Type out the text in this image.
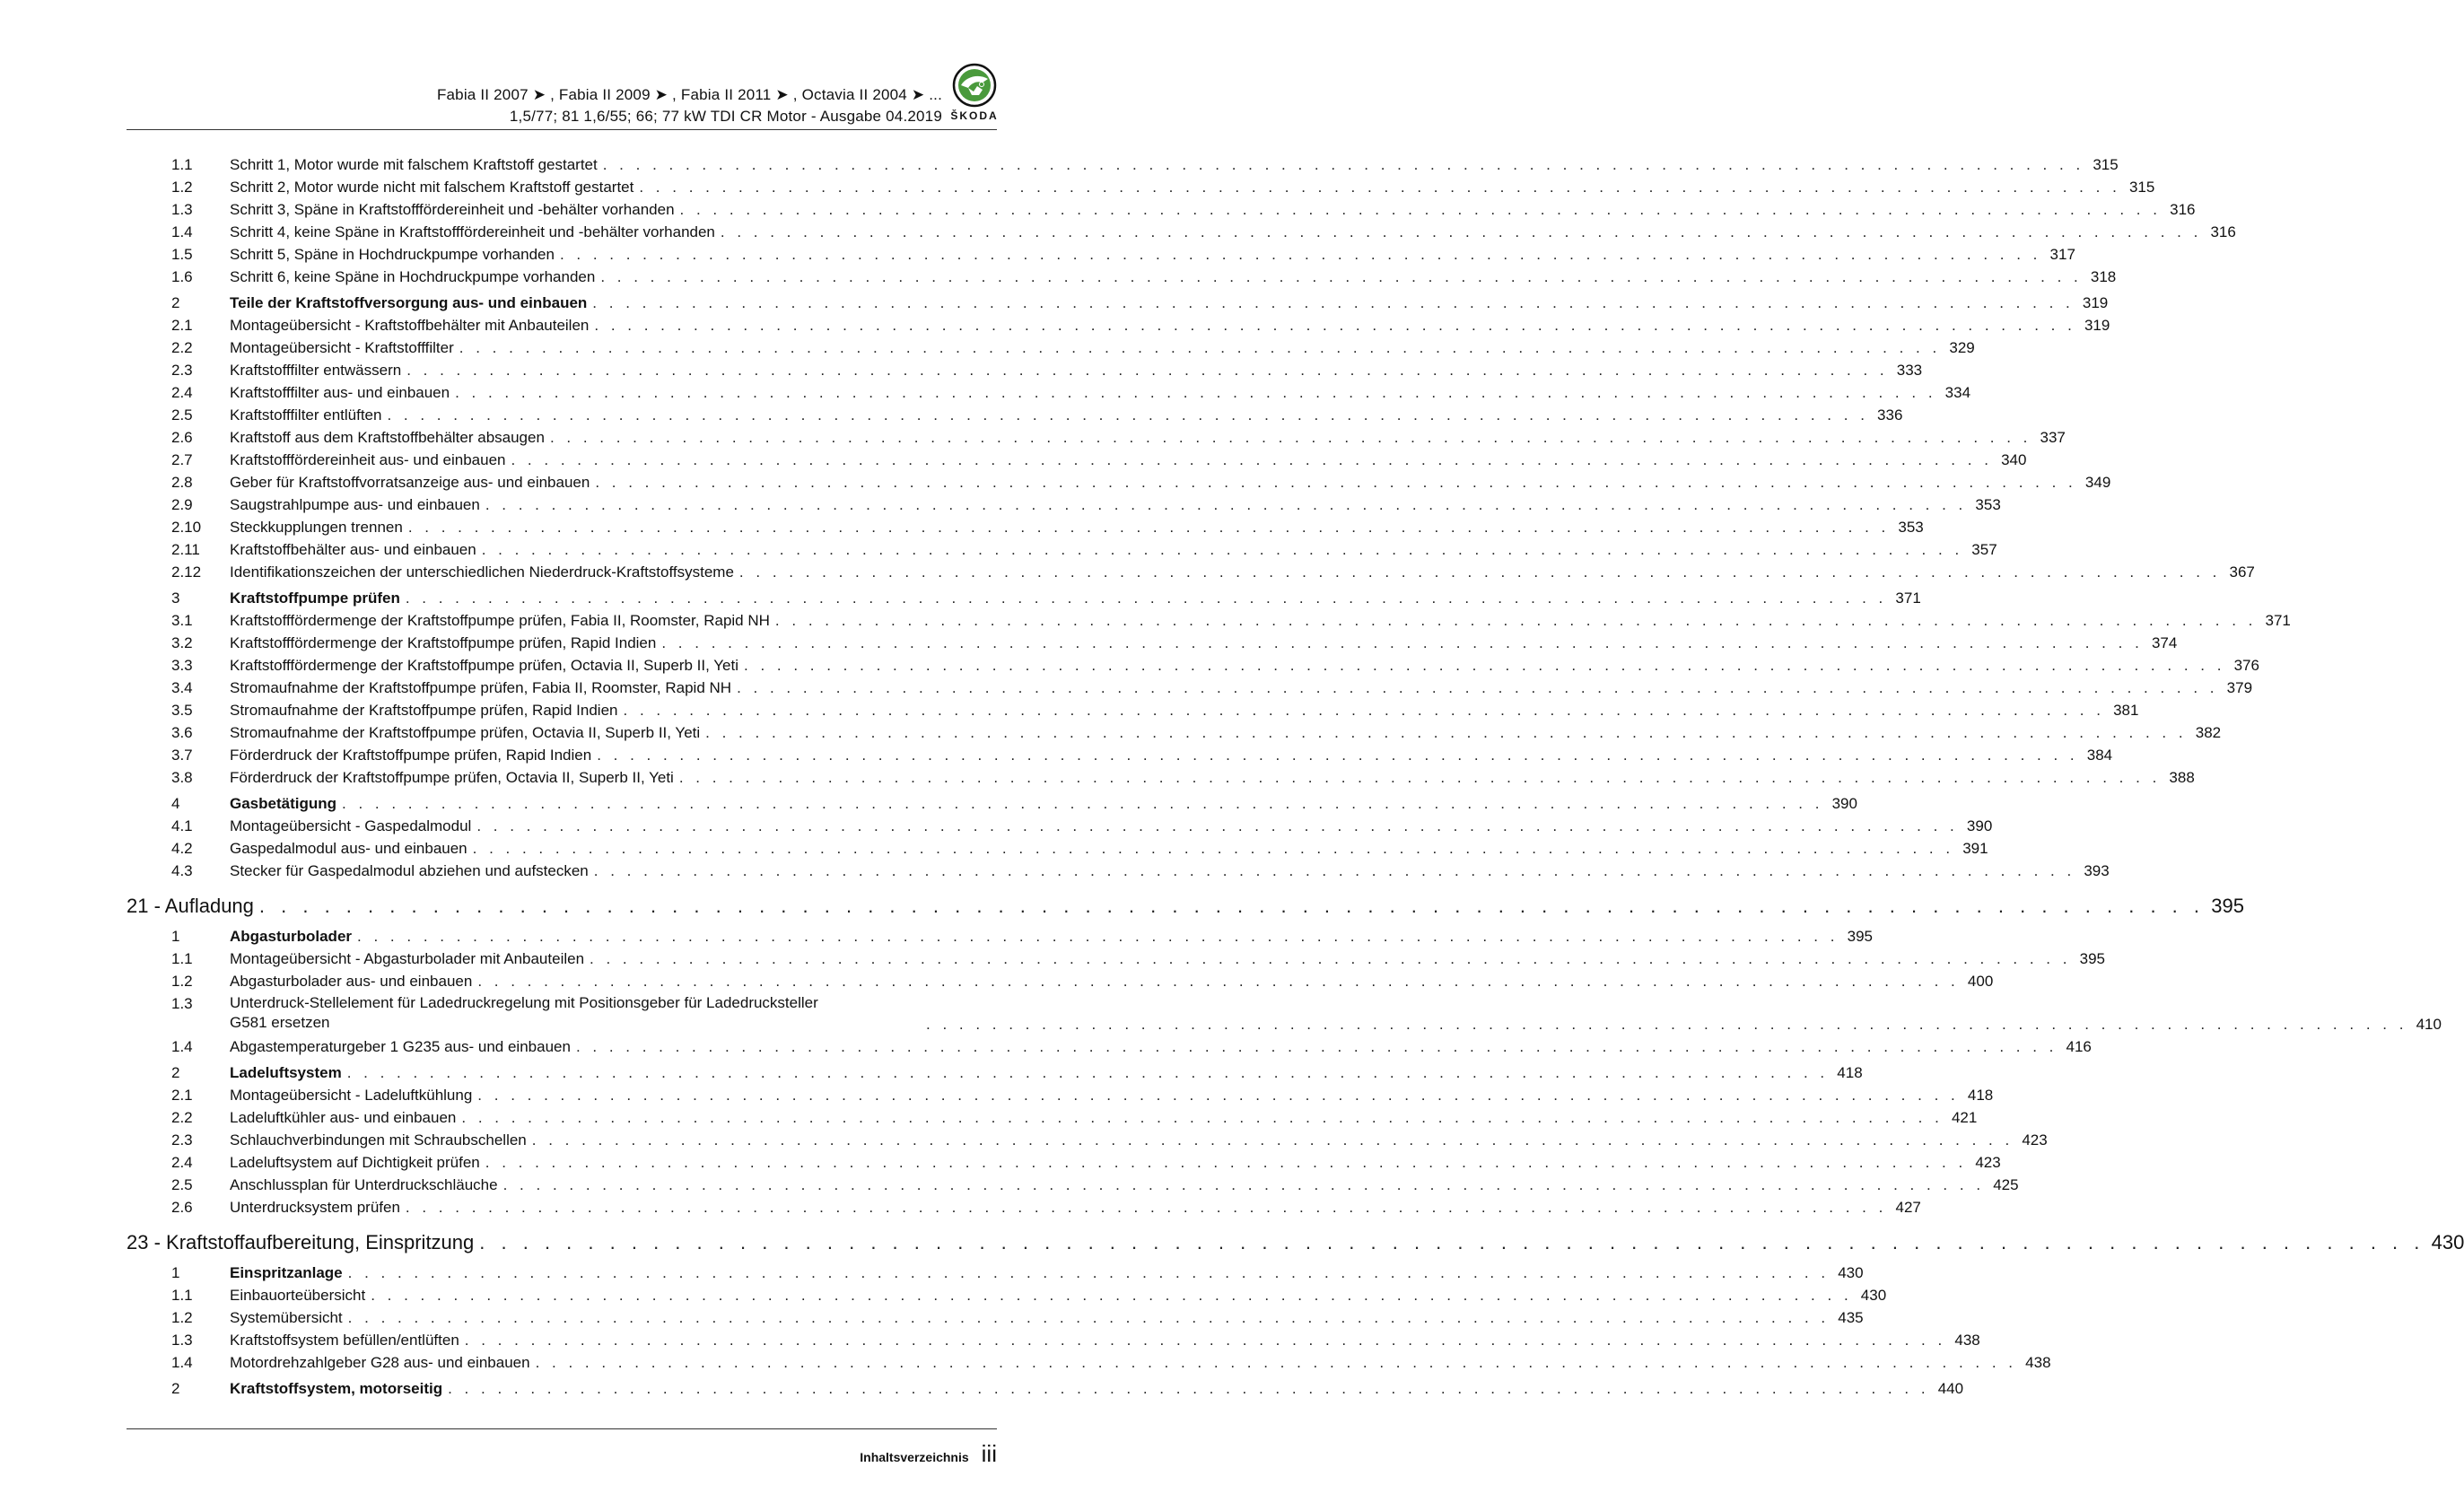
Fabia II 2007 ➤ , Fabia II 2009 ➤ , Fabia II 2011 ➤ , Octavia II 2004 ➤ ...
1,5/77; 81 1,6/55; 66; 77 kW TDI CR Motor - Ausgabe 04.2019 ŠKODA
1.1	Schritt 1, Motor wurde mit falschem Kraftstoff gestartet . . . . . . . . . . . . . . . . . . . . . . . . . . . . . . . . . . . . . . . . . . . . . . . . . . . . . . . . . . . . . . . . . . . . . . . . . . . . . . . . . . . . . . . . . . 315
1.2	Schritt 2, Motor wurde nicht mit falschem Kraftstoff gestartet . . . . . . . . . . . . . . . . . . . . . . . . . . . . . . . . . . . . . . . . . . . . . . . . . . . . . . . . . . . . . . . . . . . . . . . . . . . . . . . . . . . . . . . . . . 315
1.3	Schritt 3, Späne in Kraftstofffördereinheit und -behälter vorhanden . . . . . . . . . . . . . . . . . . . . . . . . . . . . . . . . . . . . . . . . . . . . . . . . . . . . . . . . . . . . . . . . . . . . . . . . . . . . . . . . . . . . . . . . . . 316
1.4	Schritt 4, keine Späne in Kraftstofffördereinheit und -behälter vorhanden . . . . . . . . . . . . . . . . . . . . . . . . . . . . . . . . . . . . . . . . . . . . . . . . . . . . . . . . . . . . . . . . . . . . . . . . . . . . . . . . . . . . . . . . . . 316
1.5	Schritt 5, Späne in Hochdruckpumpe vorhanden . . . . . . . . . . . . . . . . . . . . . . . . . . . . . . . . . . . . . . . . . . . . . . . . . . . . . . . . . . . . . . . . . . . . . . . . . . . . . . . . . . . . . . . . . . 317
1.6	Schritt 6, keine Späne in Hochdruckpumpe vorhanden . . . . . . . . . . . . . . . . . . . . . . . . . . . . . . . . . . . . . . . . . . . . . . . . . . . . . . . . . . . . . . . . . . . . . . . . . . . . . . . . . . . . . . . . . . 318
2	Teile der Kraftstoffversorgung aus- und einbauen . . . . . . . . . . . . . . . . . . . . . . . . . . . . . . . . . . . . . . . . . . . . . . . . . . . . . . . . . . . . . . . . . . . . . . . . . . . . . . . . . . . . . . . . . . 319
2.1	Montageübersicht - Kraftstoffbehälter mit Anbauteilen . . . . . . . . . . . . . . . . . . . . . . . . . . . . . . . . . . . . . . . . . . . . . . . . . . . . . . . . . . . . . . . . . . . . . . . . . . . . . . . . . . . . . . . . . . 319
2.2	Montageübersicht - Kraftstofffilter . . . . . . . . . . . . . . . . . . . . . . . . . . . . . . . . . . . . . . . . . . . . . . . . . . . . . . . . . . . . . . . . . . . . . . . . . . . . . . . . . . . . . . . . . . 329
2.3	Kraftstofffilter entwässern . . . . . . . . . . . . . . . . . . . . . . . . . . . . . . . . . . . . . . . . . . . . . . . . . . . . . . . . . . . . . . . . . . . . . . . . . . . . . . . . . . . . . . . . . . 333
2.4	Kraftstofffilter aus- und einbauen . . . . . . . . . . . . . . . . . . . . . . . . . . . . . . . . . . . . . . . . . . . . . . . . . . . . . . . . . . . . . . . . . . . . . . . . . . . . . . . . . . . . . . . . . . 334
2.5	Kraftstofffilter entlüften . . . . . . . . . . . . . . . . . . . . . . . . . . . . . . . . . . . . . . . . . . . . . . . . . . . . . . . . . . . . . . . . . . . . . . . . . . . . . . . . . . . . . . . . . . 336
2.6	Kraftstoff aus dem Kraftstoffbehälter absaugen . . . . . . . . . . . . . . . . . . . . . . . . . . . . . . . . . . . . . . . . . . . . . . . . . . . . . . . . . . . . . . . . . . . . . . . . . . . . . . . . . . . . . . . . . . 337
2.7	Kraftstofffördereinheit aus- und einbauen . . . . . . . . . . . . . . . . . . . . . . . . . . . . . . . . . . . . . . . . . . . . . . . . . . . . . . . . . . . . . . . . . . . . . . . . . . . . . . . . . . . . . . . . . . 340
2.8	Geber für Kraftstoffvorratsanzeige aus- und einbauen . . . . . . . . . . . . . . . . . . . . . . . . . . . . . . . . . . . . . . . . . . . . . . . . . . . . . . . . . . . . . . . . . . . . . . . . . . . . . . . . . . . . . . . . . . 349
2.9	Saugstrahlpumpe aus- und einbauen . . . . . . . . . . . . . . . . . . . . . . . . . . . . . . . . . . . . . . . . . . . . . . . . . . . . . . . . . . . . . . . . . . . . . . . . . . . . . . . . . . . . . . . . . . 353
2.10	Steckkupplungen trennen . . . . . . . . . . . . . . . . . . . . . . . . . . . . . . . . . . . . . . . . . . . . . . . . . . . . . . . . . . . . . . . . . . . . . . . . . . . . . . . . . . . . . . . . . . 353
2.11	Kraftstoffbehälter aus- und einbauen . . . . . . . . . . . . . . . . . . . . . . . . . . . . . . . . . . . . . . . . . . . . . . . . . . . . . . . . . . . . . . . . . . . . . . . . . . . . . . . . . . . . . . . . . . 357
2.12	Identifikationszeichen der unterschiedlichen Niederdruck-Kraftstoffsysteme . . . . . . . . . . . . . . . . . . . . . . . . . . . . . . . . . . . . . . . . . . . . . . . . . . . . . . . . . . . . . . . . . . . . . . . . . . . . . . . . . . . . . . . . . . 367
3	Kraftstoffpumpe prüfen . . . . . . . . . . . . . . . . . . . . . . . . . . . . . . . . . . . . . . . . . . . . . . . . . . . . . . . . . . . . . . . . . . . . . . . . . . . . . . . . . . . . . . . . . . 371
3.1	Kraftstofffördermenge der Kraftstoffpumpe prüfen, Fabia II, Roomster, Rapid NH . . . . . . . . . . . . . . . . . . . . . . . . . . . . . . . . . . . . . . . . . . . . . . . . . . . . . . . . . . . . . . . . . . . . . . . . . . . . . . . . . . . . . . . . . . 371
3.2	Kraftstofffördermenge der Kraftstoffpumpe prüfen, Rapid Indien . . . . . . . . . . . . . . . . . . . . . . . . . . . . . . . . . . . . . . . . . . . . . . . . . . . . . . . . . . . . . . . . . . . . . . . . . . . . . . . . . . . . . . . . . . 374
3.3	Kraftstofffördermenge der Kraftstoffpumpe prüfen, Octavia II, Superb II, Yeti . . . . . . . . . . . . . . . . . . . . . . . . . . . . . . . . . . . . . . . . . . . . . . . . . . . . . . . . . . . . . . . . . . . . . . . . . . . . . . . . . . . . . . . . . . 376
3.4	Stromaufnahme der Kraftstoffpumpe prüfen, Fabia II, Roomster, Rapid NH . . . . . . . . . . . . . . . . . . . . . . . . . . . . . . . . . . . . . . . . . . . . . . . . . . . . . . . . . . . . . . . . . . . . . . . . . . . . . . . . . . . . . . . . . . 379
3.5	Stromaufnahme der Kraftstoffpumpe prüfen, Rapid Indien . . . . . . . . . . . . . . . . . . . . . . . . . . . . . . . . . . . . . . . . . . . . . . . . . . . . . . . . . . . . . . . . . . . . . . . . . . . . . . . . . . . . . . . . . . 381
3.6	Stromaufnahme der Kraftstoffpumpe prüfen, Octavia II, Superb II, Yeti . . . . . . . . . . . . . . . . . . . . . . . . . . . . . . . . . . . . . . . . . . . . . . . . . . . . . . . . . . . . . . . . . . . . . . . . . . . . . . . . . . . . . . . . . . 382
3.7	Förderdruck der Kraftstoffpumpe prüfen, Rapid Indien . . . . . . . . . . . . . . . . . . . . . . . . . . . . . . . . . . . . . . . . . . . . . . . . . . . . . . . . . . . . . . . . . . . . . . . . . . . . . . . . . . . . . . . . . . 384
3.8	Förderdruck der Kraftstoffpumpe prüfen, Octavia II, Superb II, Yeti . . . . . . . . . . . . . . . . . . . . . . . . . . . . . . . . . . . . . . . . . . . . . . . . . . . . . . . . . . . . . . . . . . . . . . . . . . . . . . . . . . . . . . . . . . 388
4	Gasbetätigung . . . . . . . . . . . . . . . . . . . . . . . . . . . . . . . . . . . . . . . . . . . . . . . . . . . . . . . . . . . . . . . . . . . . . . . . . . . . . . . . . . . . . . . . . . 390
4.1	Montageübersicht - Gaspedalmodul . . . . . . . . . . . . . . . . . . . . . . . . . . . . . . . . . . . . . . . . . . . . . . . . . . . . . . . . . . . . . . . . . . . . . . . . . . . . . . . . . . . . . . . . . . 390
4.2	Gaspedalmodul aus- und einbauen . . . . . . . . . . . . . . . . . . . . . . . . . . . . . . . . . . . . . . . . . . . . . . . . . . . . . . . . . . . . . . . . . . . . . . . . . . . . . . . . . . . . . . . . . . 391
4.3	Stecker für Gaspedalmodul abziehen und aufstecken . . . . . . . . . . . . . . . . . . . . . . . . . . . . . . . . . . . . . . . . . . . . . . . . . . . . . . . . . . . . . . . . . . . . . . . . . . . . . . . . . . . . . . . . . . 393
21 - Aufladung . . . . . . . . . . . . . . . . . . . . . . . . . . . . . . . . . . . . . . . . . . . . . . . . . . . . . . . . . . . . . . . . . . . . . . . . . . . . . . . . . . . . . . . . . . 395
1	Abgasturbolader . . . . . . . . . . . . . . . . . . . . . . . . . . . . . . . . . . . . . . . . . . . . . . . . . . . . . . . . . . . . . . . . . . . . . . . . . . . . . . . . . . . . . . . . . . 395
1.1	Montageübersicht - Abgasturbolader mit Anbauteilen . . . . . . . . . . . . . . . . . . . . . . . . . . . . . . . . . . . . . . . . . . . . . . . . . . . . . . . . . . . . . . . . . . . . . . . . . . . . . . . . . . . . . . . . . . 395
1.2	Abgasturbolader aus- und einbauen . . . . . . . . . . . . . . . . . . . . . . . . . . . . . . . . . . . . . . . . . . . . . . . . . . . . . . . . . . . . . . . . . . . . . . . . . . . . . . . . . . . . . . . . . . 400
1.3	Unterdruck-Stellelement für Ladedruckregelung mit Positionsgeber für Ladedrucksteller
G581 ersetzen	. . . . . . . . . . . . . . . . . . . . . . . . . . . . . . . . . . . . . . . . . . . . . . . . . . . . . . . . . . . . . . . . . . . . . . . . . . . . . . . . . . . . . . . . . . 410
1.4	Abgastemperaturgeber 1 G235 aus- und einbauen . . . . . . . . . . . . . . . . . . . . . . . . . . . . . . . . . . . . . . . . . . . . . . . . . . . . . . . . . . . . . . . . . . . . . . . . . . . . . . . . . . . . . . . . . . 416
2	Ladeluftsystem . . . . . . . . . . . . . . . . . . . . . . . . . . . . . . . . . . . . . . . . . . . . . . . . . . . . . . . . . . . . . . . . . . . . . . . . . . . . . . . . . . . . . . . . . . 418
2.1	Montageübersicht - Ladeluftkühlung . . . . . . . . . . . . . . . . . . . . . . . . . . . . . . . . . . . . . . . . . . . . . . . . . . . . . . . . . . . . . . . . . . . . . . . . . . . . . . . . . . . . . . . . . . 418
2.2	Ladeluftkühler aus- und einbauen . . . . . . . . . . . . . . . . . . . . . . . . . . . . . . . . . . . . . . . . . . . . . . . . . . . . . . . . . . . . . . . . . . . . . . . . . . . . . . . . . . . . . . . . . . 421
2.3	Schlauchverbindungen mit Schraubschellen . . . . . . . . . . . . . . . . . . . . . . . . . . . . . . . . . . . . . . . . . . . . . . . . . . . . . . . . . . . . . . . . . . . . . . . . . . . . . . . . . . . . . . . . . . 423
2.4	Ladeluftsystem auf Dichtigkeit prüfen . . . . . . . . . . . . . . . . . . . . . . . . . . . . . . . . . . . . . . . . . . . . . . . . . . . . . . . . . . . . . . . . . . . . . . . . . . . . . . . . . . . . . . . . . . 423
2.5	Anschlussplan für Unterdruckschläuche . . . . . . . . . . . . . . . . . . . . . . . . . . . . . . . . . . . . . . . . . . . . . . . . . . . . . . . . . . . . . . . . . . . . . . . . . . . . . . . . . . . . . . . . . . 425
2.6	Unterdrucksystem prüfen . . . . . . . . . . . . . . . . . . . . . . . . . . . . . . . . . . . . . . . . . . . . . . . . . . . . . . . . . . . . . . . . . . . . . . . . . . . . . . . . . . . . . . . . . . 427
23 - Kraftstoffaufbereitung, Einspritzung . . . . . . . . . . . . . . . . . . . . . . . . . . . . . . . . . . . . . . . . . . . . . . . . . . . . . . . . . . . . . . . . . . . . . . . . . . . . . . . . . . . . . . . . . . 430
1	Einspritzanlage . . . . . . . . . . . . . . . . . . . . . . . . . . . . . . . . . . . . . . . . . . . . . . . . . . . . . . . . . . . . . . . . . . . . . . . . . . . . . . . . . . . . . . . . . . 430
1.1	Einbauorteübersicht . . . . . . . . . . . . . . . . . . . . . . . . . . . . . . . . . . . . . . . . . . . . . . . . . . . . . . . . . . . . . . . . . . . . . . . . . . . . . . . . . . . . . . . . . . 430
1.2	Systemübersicht . . . . . . . . . . . . . . . . . . . . . . . . . . . . . . . . . . . . . . . . . . . . . . . . . . . . . . . . . . . . . . . . . . . . . . . . . . . . . . . . . . . . . . . . . . 435
1.3	Kraftstoffsystem befüllen/entlüften . . . . . . . . . . . . . . . . . . . . . . . . . . . . . . . . . . . . . . . . . . . . . . . . . . . . . . . . . . . . . . . . . . . . . . . . . . . . . . . . . . . . . . . . . . 438
1.4	Motordrehzahlgeber G28 aus- und einbauen . . . . . . . . . . . . . . . . . . . . . . . . . . . . . . . . . . . . . . . . . . . . . . . . . . . . . . . . . . . . . . . . . . . . . . . . . . . . . . . . . . . . . . . . . . 438
2	Kraftstoffsystem, motorseitig . . . . . . . . . . . . . . . . . . . . . . . . . . . . . . . . . . . . . . . . . . . . . . . . . . . . . . . . . . . . . . . . . . . . . . . . . . . . . . . . . . . . . . . . . . 440
Inhaltsverzeichnis iii
